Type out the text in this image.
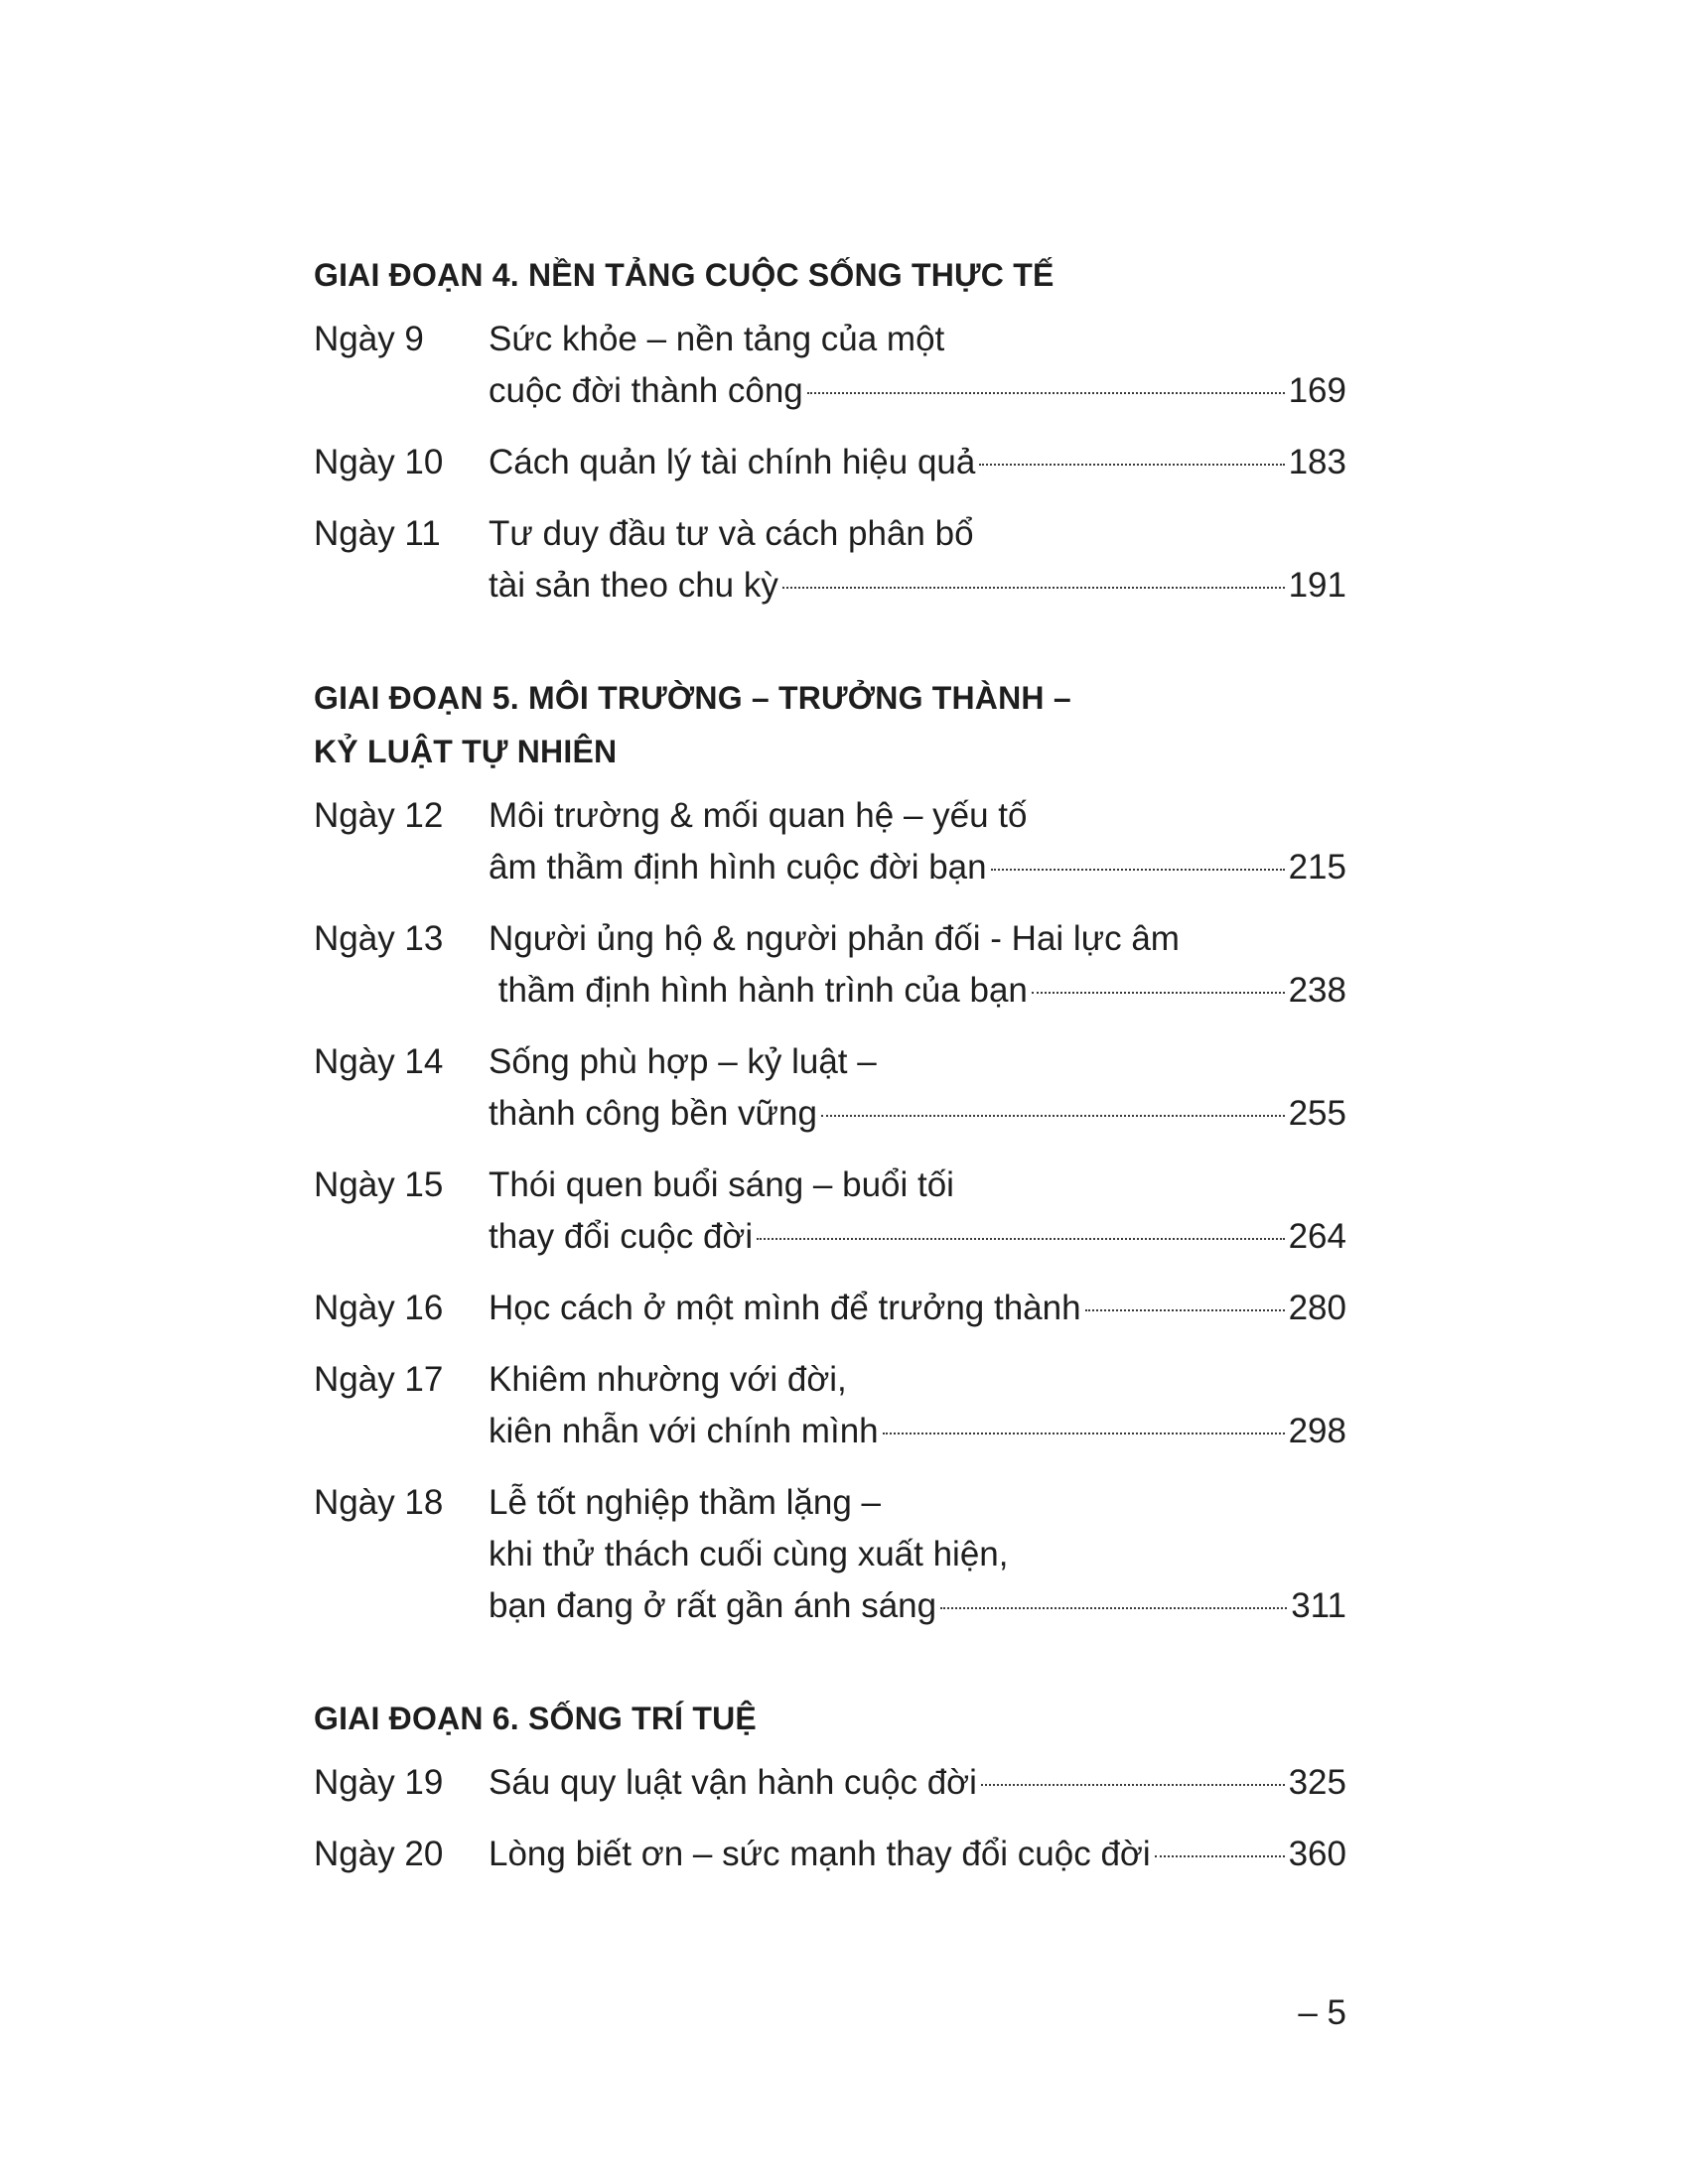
GIAI ĐOẠN 4. NỀN TẢNG CUỘC SỐNG THỰC TẾ
Ngày 9	Sức khỏe – nền tảng của một
cuộc đời thành công	169
Ngày 10	Cách quản lý tài chính hiệu quả	183
Ngày 11	Tư duy đầu tư và cách phân bổ
tài sản theo chu kỳ	191
GIAI ĐOẠN 5. MÔI TRƯỜNG – TRƯỞNG THÀNH –
KỶ LUẬT TỰ NHIÊN
Ngày 12	Môi trường & mối quan hệ – yếu tố
âm thầm định hình cuộc đời bạn	215
Ngày 13	Người ủng hộ & người phản đối - Hai lực âm
thầm định hình hành trình của bạn	238
Ngày 14	Sống phù hợp – kỷ luật –
thành công bền vững	255
Ngày 15	Thói quen buổi sáng – buổi tối
thay đổi cuộc đời	264
Ngày 16	Học cách ở một mình để trưởng thành	280
Ngày 17	Khiêm nhường với đời,
kiên nhẫn với chính mình	298
Ngày 18	Lễ tốt nghiệp thầm lặng –
khi thử thách cuối cùng xuất hiện,
bạn đang ở rất gần ánh sáng	311
GIAI ĐOẠN 6. SỐNG TRÍ TUỆ
Ngày 19	Sáu quy luật vận hành cuộc đời	325
Ngày 20	Lòng biết ơn – sức mạnh thay đổi cuộc đời	360
– 5
